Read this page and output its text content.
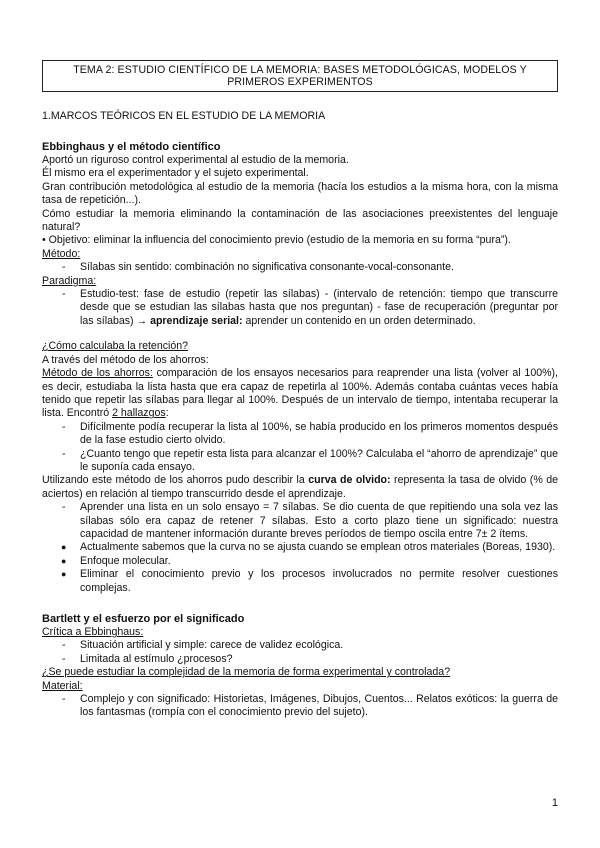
TEMA 2: ESTUDIO CIENTÍFICO DE LA MEMORIA: BASES METODOLÓGICAS, MODELOS Y PRIMEROS EXPERIMENTOS
1.MARCOS TEÓRICOS EN EL ESTUDIO DE LA MEMORIA
Ebbinghaus y el método científico

Aportó un riguroso control experimental al estudio de la memoria.

Él mismo era el experimentador y el sujeto experimental.

Gran contribución metodológica al estudio de la memoria (hacía los estudios a la misma hora, con la misma tasa de repetición...).

Cómo estudiar la memoria eliminando la contaminación de las asociaciones preexistentes del lenguaje natural?

• Objetivo: eliminar la influencia del conocimiento previo (estudio de la memoria en su forma “pura”).

Método:

- Sílabas sin sentido: combinación no significativa consonante-vocal-consonante.

Paradigma:

- Estudio-test: fase de estudio (repetir las sílabas) - (intervalo de retención: tiempo que transcurre desde que se estudian las sílabas hasta que nos preguntan) - fase de recuperación (preguntar por las sílabas) → aprendizaje serial: aprender un contenido en un orden determinado.

¿Cómo calculaba la retención?

A través del método de los ahorros:

Método de los ahorros: comparación de los ensayos necesarios para reaprender una lista (volver al 100%), es decir, estudiaba la lista hasta que era capaz de repetirla al 100%. Además contaba cuántas veces había tenido que repetir las sílabas para llegar al 100%. Después de un intervalo de tiempo, intentaba recuperar la lista. Encontró 2 hallazgos:

- Difícilmente podía recuperar la lista al 100%, se había producido en los primeros momentos después de la fase estudio cierto olvido.
- ¿Cuanto tengo que repetir esta lista para alcanzar el 100%? Calculaba el “ahorro de aprendizaje” que le suponía cada ensayo.

Utilizando este método de los ahorros pudo describir la curva de olvido: representa la tasa de olvido (% de aciertos) en relación al tiempo transcurrido desde el aprendizaje.

- Aprender una lista en un solo ensayo = 7 sílabas. Se dio cuenta de que repitiendo una sola vez las sílabas sólo era capaz de retener 7 sílabas. Esto a corto plazo tiene un significado: nuestra capacidad de mantener información durante breves períodos de tiempo oscila entre 7± 2 ítems.
● Actualmente sabemos que la curva no se ajusta cuando se emplean otros materiales (Boreas, 1930).
● Enfoque molecular.
● Eliminar el conocimiento previo y los procesos involucrados no permite resolver cuestiones complejas.
Bartlett y el esfuerzo por el significado

Crítica a Ebbinghaus:

- Situación artificial y simple: carece de validez ecológica.
- Limitada al estímulo ¿procesos?

¿Se puede estudiar la complejidad de la memoria de forma experimental y controlada?

Material:

- Complejo y con significado: Historietas, Imágenes, Dibujos, Cuentos... Relatos exóticos: la guerra de los fantasmas (rompía con el conocimiento previo del sujeto).
1
